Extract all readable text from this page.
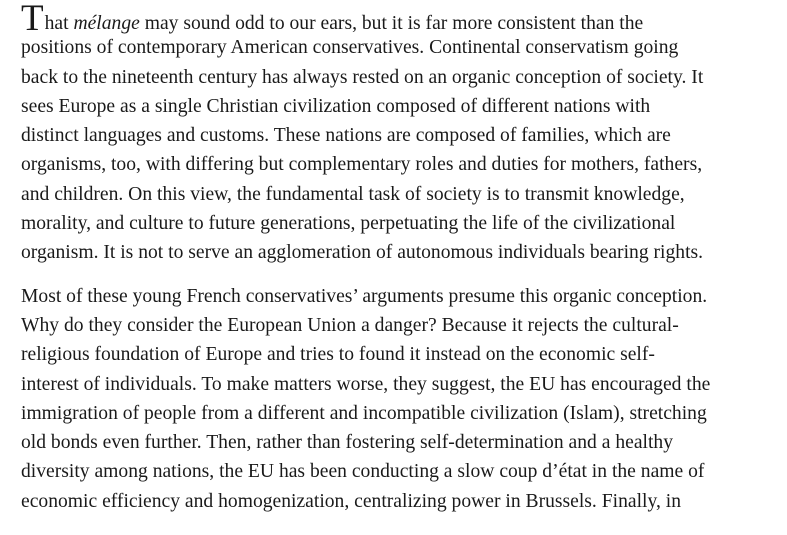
That mélange may sound odd to our ears, but it is far more consistent than the
positions of contemporary American conservatives. Continental conservatism going
back to the nineteenth century has always rested on an organic conception of society. It
sees Europe as a single Christian civilization composed of different nations with
distinct languages and customs. These nations are composed of families, which are
organisms, too, with differing but complementary roles and duties for mothers, fathers,
and children. On this view, the fundamental task of society is to transmit knowledge,
morality, and culture to future generations, perpetuating the life of the civilizational
organism. It is not to serve an agglomeration of autonomous individuals bearing rights.
Most of these young French conservatives’ arguments presume this organic conception.
Why do they consider the European Union a danger? Because it rejects the cultural-
religious foundation of Europe and tries to found it instead on the economic self-
interest of individuals. To make matters worse, they suggest, the EU has encouraged the
immigration of people from a different and incompatible civilization (Islam), stretching
old bonds even further. Then, rather than fostering self-determination and a healthy
diversity among nations, the EU has been conducting a slow coup d’état in the name of
economic efficiency and homogenization, centralizing power in Brussels. Finally, in
